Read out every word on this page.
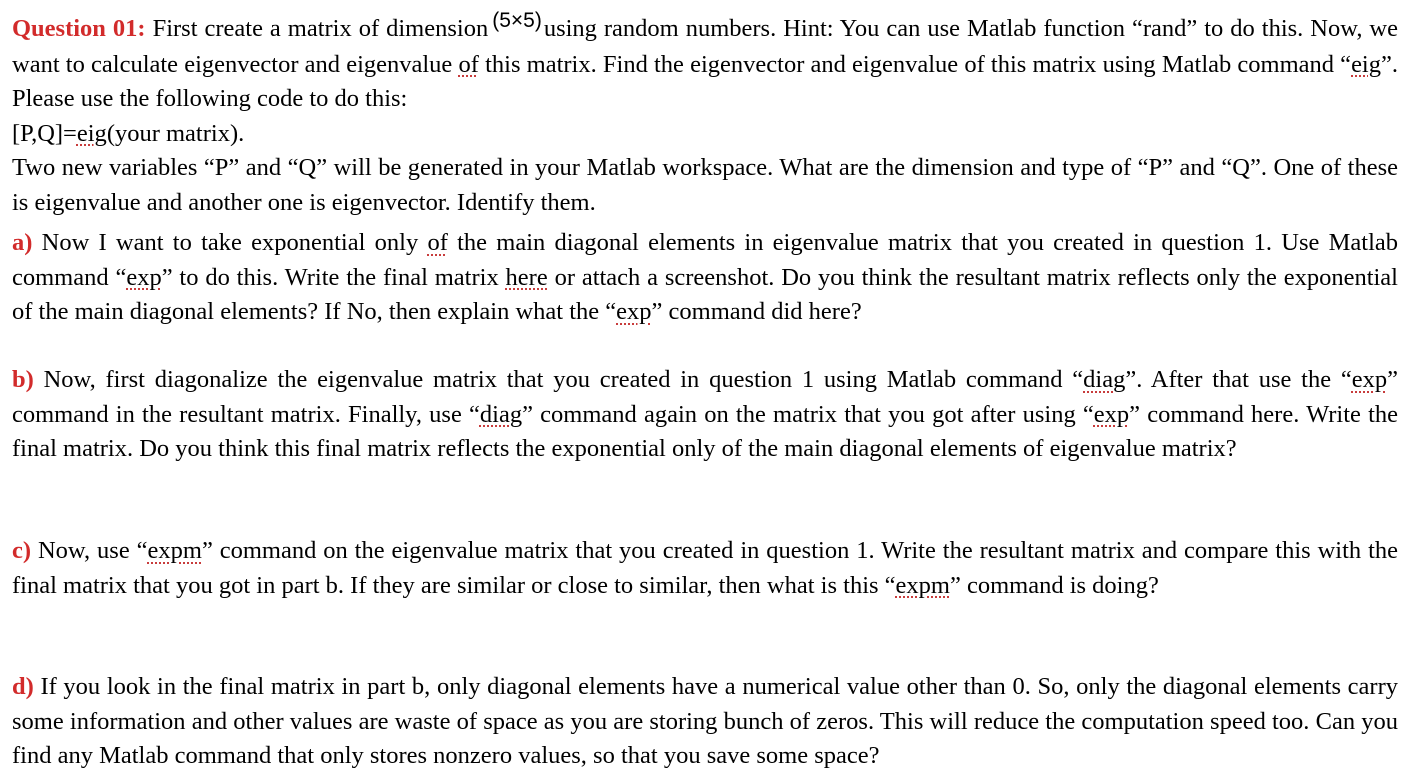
Question 01: First create a matrix of dimension (5×5)using random numbers. Hint: You can use Matlab function “rand” to do this. Now, we want to calculate eigenvector and eigenvalue of this matrix. Find the eigenvector and eigenvalue of this matrix using Matlab command “eig”. Please use the following code to do this:
[P,Q]=eig(your matrix).
Two new variables “P” and “Q” will be generated in your Matlab workspace. What are the dimension and type of “P” and “Q”. One of these is eigenvalue and another one is eigenvector. Identify them.

a) Now I want to take exponential only of the main diagonal elements in eigenvalue matrix that you created in question 1. Use Matlab command “exp” to do this. Write the final matrix here or attach a screenshot. Do you think the resultant matrix reflects only the exponential of the main diagonal elements? If No, then explain what the “exp” command did here?

b) Now, first diagonalize the eigenvalue matrix that you created in question 1 using Matlab command “diag”. After that use the “exp” command in the resultant matrix. Finally, use “diag” command again on the matrix that you got after using “exp” command here. Write the final matrix. Do you think this final matrix reflects the exponential only of the main diagonal elements of eigenvalue matrix?

c) Now, use “expm” command on the eigenvalue matrix that you created in question 1. Write the resultant matrix and compare this with the final matrix that you got in part b. If they are similar or close to similar, then what is this “expm” command is doing?

d) If you look in the final matrix in part b, only diagonal elements have a numerical value other than 0. So, only the diagonal elements carry some information and other values are waste of space as you are storing bunch of zeros. This will reduce the computation speed too. Can you find any Matlab command that only stores nonzero values, so that you save some space?
